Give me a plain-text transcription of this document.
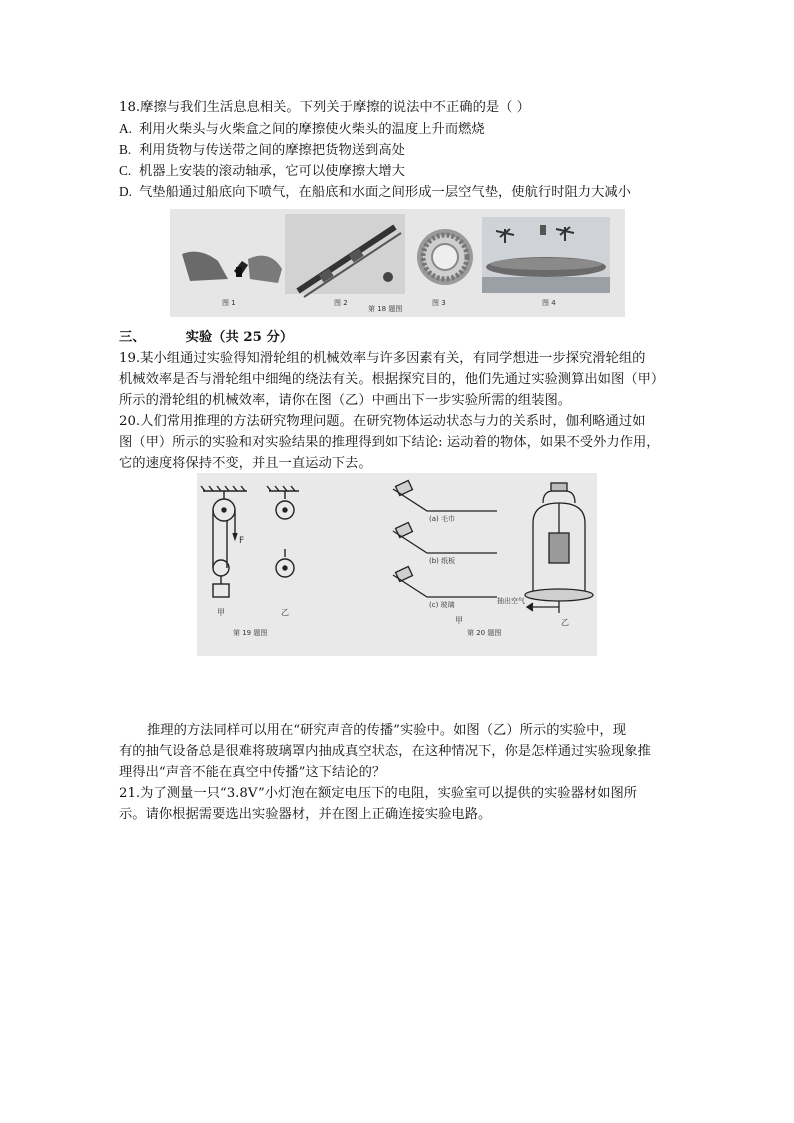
18.摩擦与我们生活息息相关。下列关于摩擦的说法中不正确的是（ ）
A. 利用火柴头与火柴盒之间的摩擦使火柴头的温度上升而燃烧
B. 利用货物与传送带之间的摩擦把货物送到高处
C. 机器上安装的滚动轴承，它可以使摩擦大增大
D. 气垫船通过船底向下喷气，在船底和水面之间形成一层空气垫，使航行时阻力大减小
图 1	图 2	图 3	图 4
第 18 题图
三、	实验（共 25 分）
19.某小组通过实验得知滑轮组的机械效率与许多因素有关，有同学想进一步探究滑轮组的
机械效率是否与滑轮组中细绳的绕法有关。根据探究目的，他们先通过实验测算出如图（甲）
所示的滑轮组的机械效率，请你在图（乙）中画出下一步实验所需的组装图。
20.人们常用推理的方法研究物理问题。在研究物体运动状态与力的关系时，伽利略通过如
图（甲）所示的实验和对实验结果的推理得到如下结论: 运动着的物体，如果不受外力作用，
它的速度将保持不变，并且一直运动下去。
F
甲	乙
第 19 题图
(a) 毛巾
(b) 纸板
(c) 玻璃
甲
抽出空气
乙
第 20 题图
推理的方法同样可以用在“研究声音的传播”实验中。如图（乙）所示的实验中，现
有的抽气设备总是很难将玻璃罩内抽成真空状态，在这种情况下，你是怎样通过实验现象推
理得出“声音不能在真空中传播”这下结论的？
21.为了测量一只“3.8V”小灯泡在额定电压下的电阻，实验室可以提供的实验器材如图所
示。请你根据需要选出实验器材，并在图上正确连接实验电路。
